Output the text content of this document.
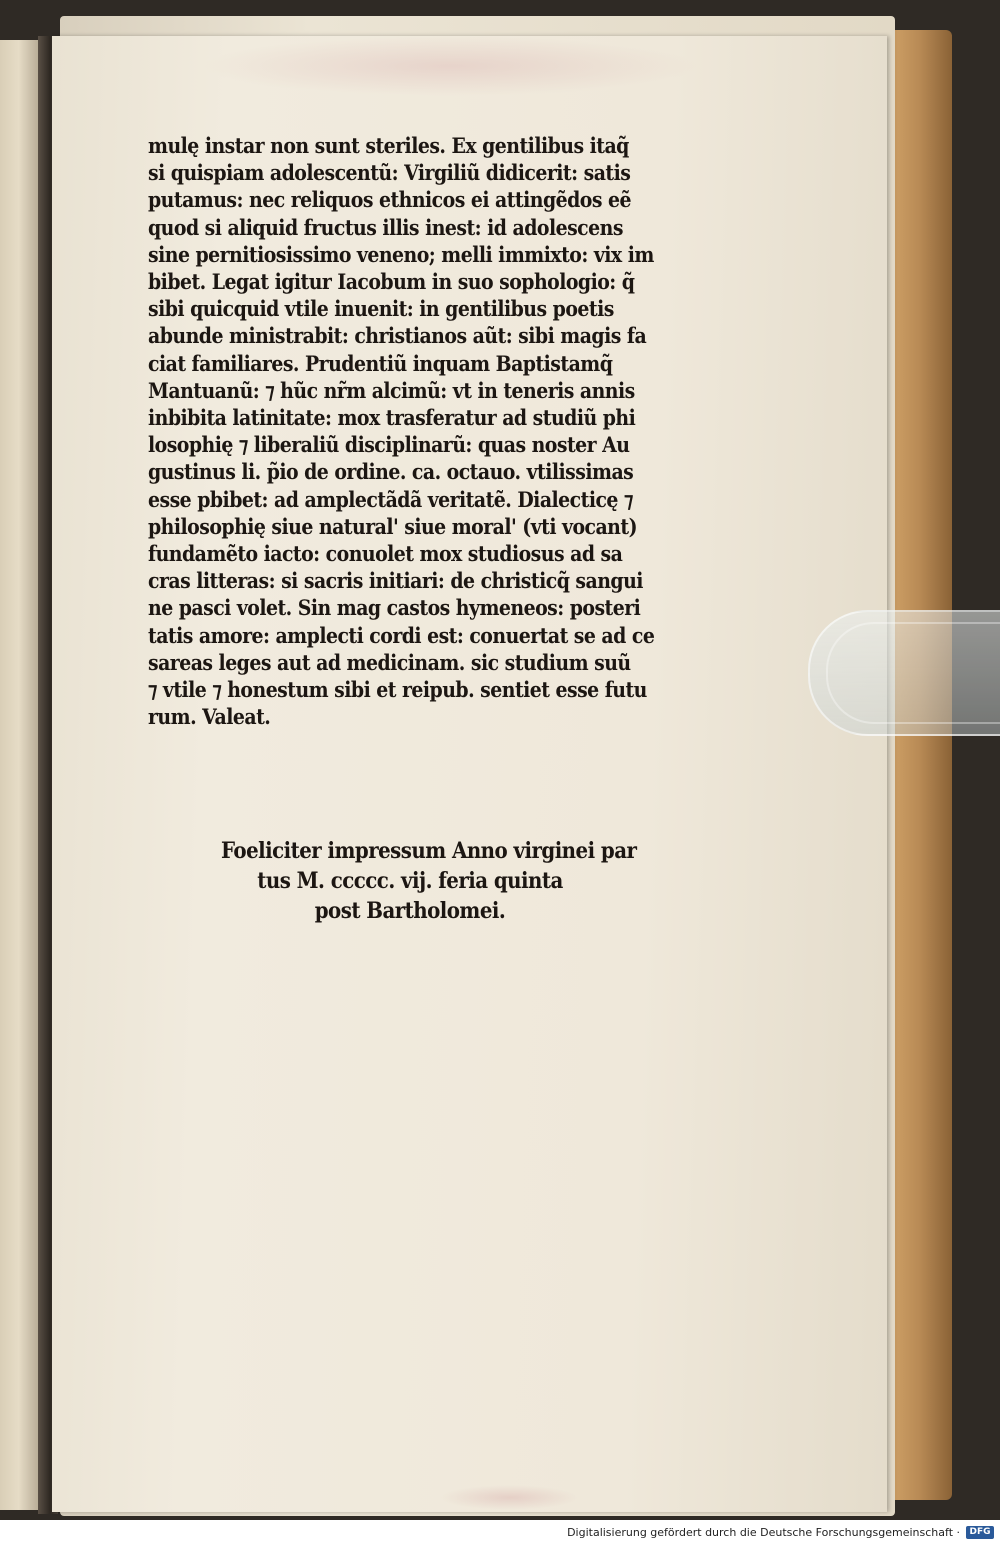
mulę instar non sunt steriles. Ex gentilibus itaq̃
si quispiam adolescentũ: Virgiliũ didicerit: satis
putamus: nec reliquos ethnicos ei attingẽdos eẽ
quod si aliquid fructus illis inest: id adolescens
sine pernitiosissimo veneno; melli immixto: vix im
bibet. Legat igitur Iacobum in suo sophologio: q̃
sibi quicquid vtile inuenit: in gentilibus poetis
abunde ministrabit: christianos aũt: sibi magis fa
ciat familiares. Prudentiũ inquam Baptistamq̃
Mantuanũ: ⁊ hũc nr̃m alcimũ: vt in teneris annis
inbibita latinitate: mox trasferatur ad studiũ phi
losophię ⁊ liberaliũ disciplinarũ: quas noster Au
gustinus li. p̃io de ordine. ca. octauo. vtilissimas
esse pbibet: ad amplectãdã veritatẽ. Dialecticę ⁊
philosophię siue natural' siue moral' (vti vocant)
fundamẽto iacto: conuolet mox studiosus ad sa
cras litteras: si sacris initiari: de christicq̃ sangui
ne pasci volet. Sin mag castos hymeneos: posteri
tatis amore: amplecti cordi est: conuertat se ad ce
sareas leges aut ad medicinam. sic studium suũ
⁊ vtile ⁊ honestum sibi et reipub. sentiet esse futu
rum. Valeat.
Foeliciter impressum Anno virginei par
tus M. ccccc. vij. feria quinta
post Bartholomei.
Digitalisierung gefördert durch die Deutsche Forschungsgemeinschaft ·	DFG
